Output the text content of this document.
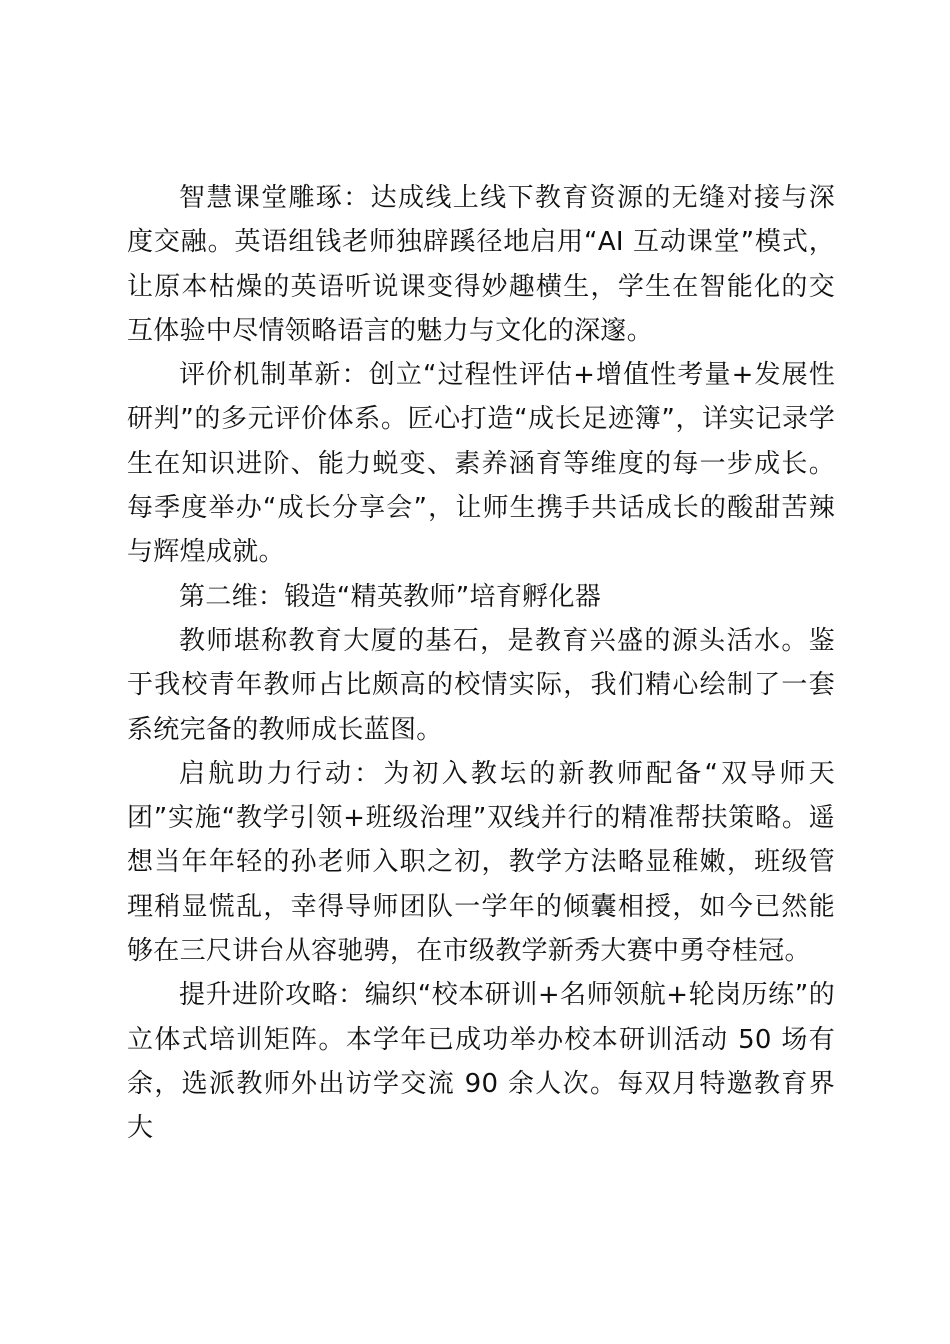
智慧课堂雕琢：达成线上线下教育资源的无缝对接与深度交融。英语组钱老师独辟蹊径地启用“AI 互动课堂”模式，让原本枯燥的英语听说课变得妙趣横生，学生在智能化的交互体验中尽情领略语言的魅力与文化的深邃。

评价机制革新：创立“过程性评估+增值性考量+发展性研判”的多元评价体系。匠心打造“成长足迹簿”，详实记录学生在知识进阶、能力蜕变、素养涵育等维度的每一步成长。每季度举办“成长分享会”，让师生携手共话成长的酸甜苦辣与辉煌成就。

第二维：锻造“精英教师”培育孵化器

教师堪称教育大厦的基石，是教育兴盛的源头活水。鉴于我校青年教师占比颇高的校情实际，我们精心绘制了一套系统完备的教师成长蓝图。

启航助力行动：为初入教坛的新教师配备“双导师天团”实施“教学引领+班级治理”双线并行的精准帮扶策略。遥想当年年轻的孙老师入职之初，教学方法略显稚嫩，班级管理稍显慌乱，幸得导师团队一学年的倾囊相授，如今已然能够在三尺讲台从容驰骋，在市级教学新秀大赛中勇夺桂冠。

提升进阶攻略：编织“校本研训+名师领航+轮岗历练”的立体式培训矩阵。本学年已成功举办校本研训活动 50 场有余，选派教师外出访学交流 90 余人次。每双月特邀教育界大
